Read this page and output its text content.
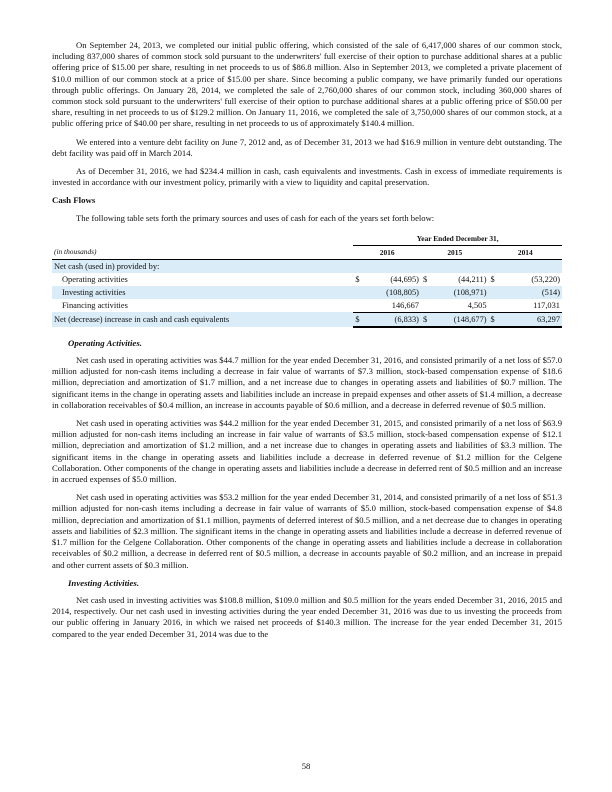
On September 24, 2013, we completed our initial public offering, which consisted of the sale of 6,417,000 shares of our common stock, including 837,000 shares of common stock sold pursuant to the underwriters' full exercise of their option to purchase additional shares at a public offering price of $15.00 per share, resulting in net proceeds to us of $86.8 million. Also in September 2013, we completed a private placement of $10.0 million of our common stock at a price of $15.00 per share. Since becoming a public company, we have primarily funded our operations through public offerings. On January 28, 2014, we completed the sale of 2,760,000 shares of our common stock, including 360,000 shares of common stock sold pursuant to the underwriters' full exercise of their option to purchase additional shares at a public offering price of $50.00 per share, resulting in net proceeds to us of $129.2 million. On January 11, 2016, we completed the sale of 3,750,000 shares of our common stock, at a public offering price of $40.00 per share, resulting in net proceeds to us of approximately $140.4 million.

We entered into a venture debt facility on June 7, 2012 and, as of December 31, 2013 we had $16.9 million in venture debt outstanding. The debt facility was paid off in March 2014.

As of December 31, 2016, we had $234.4 million in cash, cash equivalents and investments. Cash in excess of immediate requirements is invested in accordance with our investment policy, primarily with a view to liquidity and capital preservation.

Cash Flows

The following table sets forth the primary sources and uses of cash for each of the years set forth below:

	Year Ended December 31,					
(in thousands)	2016		2015		2014	
Net cash (used in) provided by:						
Operating activities	$	(44,695)	$	(44,211)	$	(53,220)
Investing activities		(108,805)		(108,971)		(514)
Financing activities		146,667		4,505		117,031
Net (decrease) increase in cash and cash equivalents	$	(6,833)	$	(148,677)	$	63,297
Operating Activities.

Net cash used in operating activities was $44.7 million for the year ended December 31, 2016, and consisted primarily of a net loss of $57.0 million adjusted for non-cash items including a decrease in fair value of warrants of $7.3 million, stock-based compensation expense of $18.6 million, depreciation and amortization of $1.7 million, and a net increase due to changes in operating assets and liabilities of $0.7 million. The significant items in the change in operating assets and liabilities include an increase in prepaid expenses and other assets of $1.4 million, a decrease in collaboration receivables of $0.4 million, an increase in accounts payable of $0.6 million, and a decrease in deferred revenue of $0.5 million.

Net cash used in operating activities was $44.2 million for the year ended December 31, 2015, and consisted primarily of a net loss of $63.9 million adjusted for non-cash items including an increase in fair value of warrants of $3.5 million, stock-based compensation expense of $12.1 million, depreciation and amortization of $1.2 million, and a net increase due to changes in operating assets and liabilities of $3.3 million. The significant items in the change in operating assets and liabilities include a decrease in deferred revenue of $1.2 million for the Celgene Collaboration. Other components of the change in operating assets and liabilities include a decrease in deferred rent of $0.5 million and an increase in accrued expenses of $5.0 million.

Net cash used in operating activities was $53.2 million for the year ended December 31, 2014, and consisted primarily of a net loss of $51.3 million adjusted for non-cash items including a decrease in fair value of warrants of $5.0 million, stock-based compensation expense of $4.8 million, depreciation and amortization of $1.1 million, payments of deferred interest of $0.5 million, and a net decrease due to changes in operating assets and liabilities of $2.3 million. The significant items in the change in operating assets and liabilities include a decrease in deferred revenue of $1.7 million for the Celgene Collaboration. Other components of the change in operating assets and liabilities include a decrease in collaboration receivables of $0.2 million, a decrease in deferred rent of $0.5 million, a decrease in accounts payable of $0.2 million, and an increase in prepaid and other current assets of $0.3 million.

Investing Activities.

Net cash used in investing activities was $108.8 million, $109.0 million and $0.5 million for the years ended December 31, 2016, 2015 and 2014, respectively. Our net cash used in investing activities during the year ended December 31, 2016 was due to us investing the proceeds from our public offering in January 2016, in which we raised net proceeds of $140.3 million. The increase for the year ended December 31, 2015 compared to the year ended December 31, 2014 was due to the

58
